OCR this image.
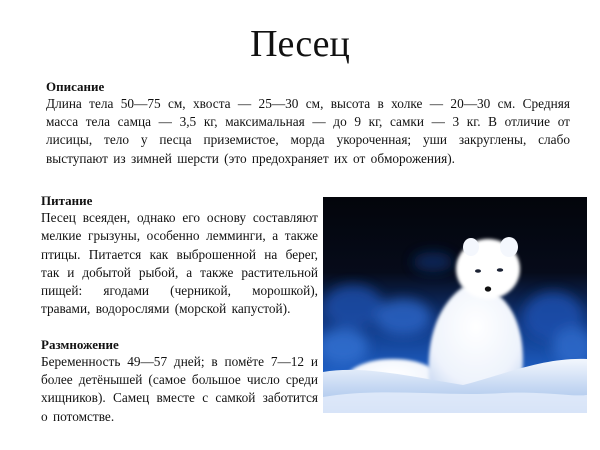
Песец
Описание
Длина тела 50—75 см, хвоста — 25—30 см, высота в холке — 20—30 см. Средняя масса тела самца — 3,5 кг, максимальная — до 9 кг, самки — 3 кг. В отличие от лисицы, тело у песца приземистое, морда укороченная; уши закруглены, слабо выступают из зимней шерсти (это предохраняет их от обморожения).
Питание
Песец всеяден, однако его основу составляют мелкие грызуны, особенно лемминги, а также птицы. Питается как выброшенной на берег, так и добытой рыбой, а также растительной пищей: ягодами (черникой, морошкой), травами, водорослями (морской капустой).
Размножение
Беременность 49—57 дней; в помёте 7—12 и более детёнышей (самое большое число среди хищников). Самец вместе с самкой заботится о потомстве.
